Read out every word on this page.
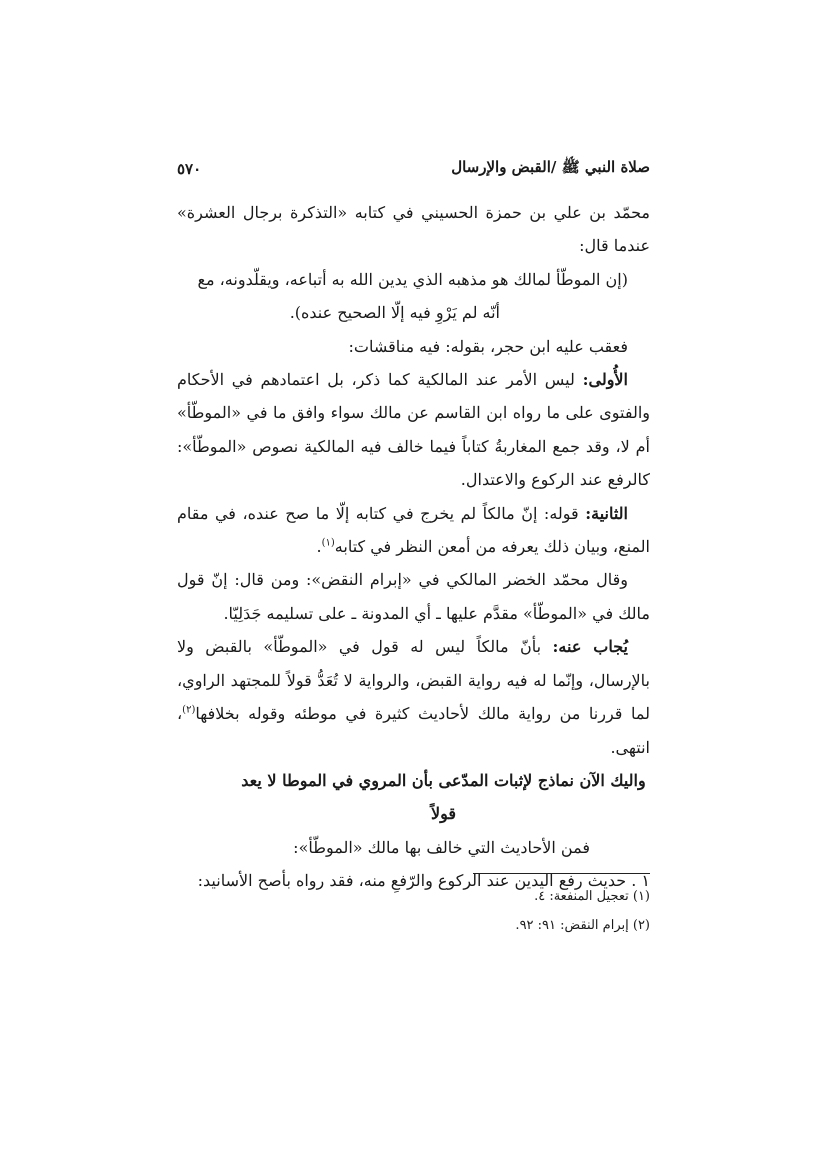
صلاة النبي ﷺ /القبض والإرسال
٥٧٠

محمّد بن علي بن حمزة الحسيني في كتابه «التذكرة برجال العشرة» عندما قال:

(إن الموطّأ لمالك هو مذهبه الذي يدين الله به أتباعه، ويقلّدونه، مع

أنّه لم يَرْوِ فيه إلّا الصحيح عنده).

فعقب عليه ابن حجر، بقوله: فيه مناقشات:

الأُولى: ليس الأمر عند المالكية كما ذكر، بل اعتمادهم في الأحكام والفتوى على ما رواه ابن القاسم عن مالك سواء وافق ما في «الموطّأ» أم لا، وقد جمع المغاربةُ كتاباً فيما خالف فيه المالكية نصوص «الموطّأ»: كالرفع عند الركوع والاعتدال.

الثانية: قوله: إنّ مالكاً لم يخرج في كتابه إلّا ما صح عنده، في مقام المنع، وبيان ذلك يعرفه من أمعن النظر في كتابه$^{(١)}$.

وقال محمّد الخضر المالكي في «إبرام النقض»: ومن قال: إنّ قول مالك في «الموطّأ» مقدَّم عليها ـ أي المدونة ـ على تسليمه جَدَلِيّا.

يُجاب عنه: بأنّ مالكاً ليس له قول في «الموطّأ» بالقبض ولا بالإرسال، وإنّما له فيه رواية القبض، والرواية لا تُعَدُّ قولاً للمجتهد الراوي، لما قررنا من رواية مالك لأحاديث كثيرة في موطئه وقوله بخلافها$^{(٢)}$، انتهى.

واليك الآن نماذج لإثبات المدّعى بأن المروي في الموطا لا يعد قولاً

فمن الأحاديث التي خالف بها مالك «الموطّأ»:

١ . حديث رفع اليدين عند الركوع والرّفعِ منه، فقد رواه بأصح الأسانيد:

(١) تعجيل المنفعة: ٤.

(٢) إبرام النقض: ٩١: ٩٢.
